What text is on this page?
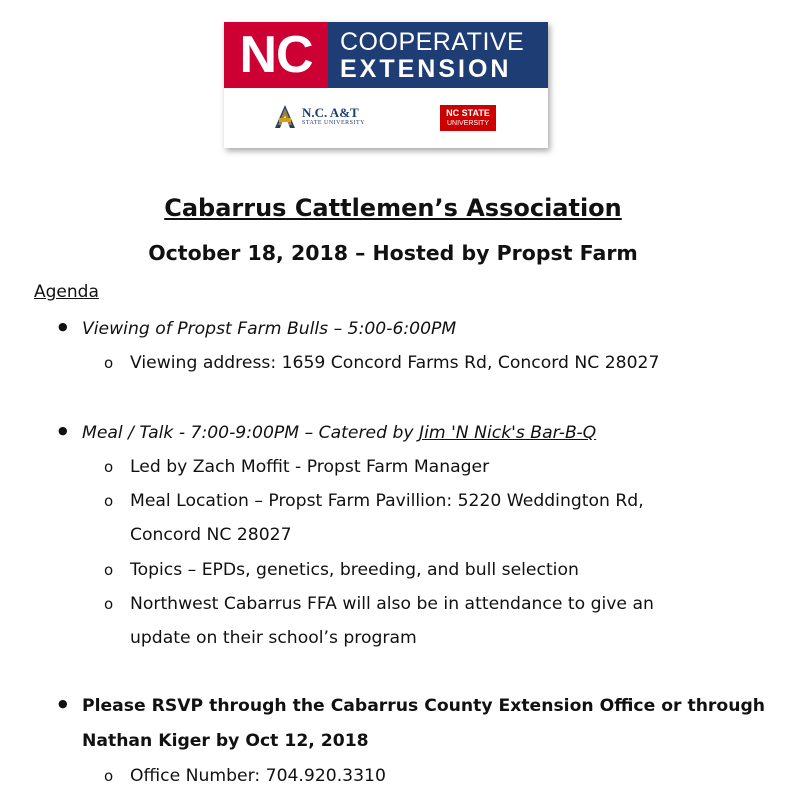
NC	COOPERATIVE
EXTENSION
N.C. A&T
STATE UNIVERSITY
NC STATE
UNIVERSITY
Cabarrus Cattlemen’s Association
October 18, 2018 – Hosted by Propst Farm
Agenda
● Viewing of Propst Farm Bulls – 5:00-6:00PM
o Viewing address: 1659 Concord Farms Rd, Concord NC 28027
● Meal / Talk - 7:00-9:00PM – Catered by Jim 'N Nick's Bar-B-Q
o Led by Zach Moffit - Propst Farm Manager
o Meal Location – Propst Farm Pavillion: 5220 Weddington Rd,
Concord NC 28027
o Topics – EPDs, genetics, breeding, and bull selection
o Northwest Cabarrus FFA will also be in attendance to give an
update on their school’s program
● Please RSVP through the Cabarrus County Extension Office or through
Nathan Kiger by Oct 12, 2018
o Office Number: 704.920.3310
